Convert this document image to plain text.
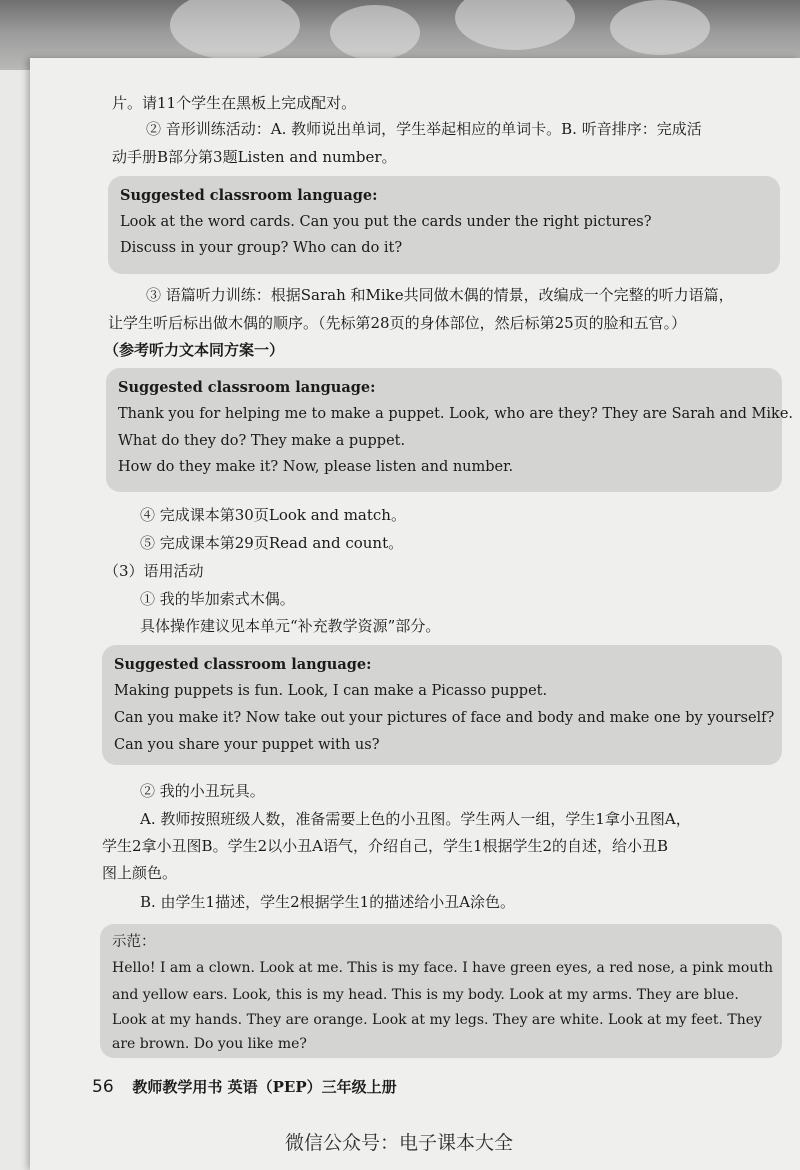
片。请11个学生在黑板上完成配对。
② 音形训练活动：A. 教师说出单词，学生举起相应的单词卡。B. 听音排序：完成活
动手册B部分第3题Listen and number。
Suggested classroom language:
Look at the word cards. Can you put the cards under the right pictures?
Discuss in your group? Who can do it?
③ 语篇听力训练：根据Sarah 和Mike共同做木偶的情景，改编成一个完整的听力语篇，
让学生听后标出做木偶的顺序。（先标第28页的身体部位，然后标第25页的脸和五官。）
（参考听力文本同方案一）
Suggested classroom language:
Thank you for helping me to make a puppet. Look, who are they? They are Sarah and Mike.
What do they do? They make a puppet.
How do they make it? Now, please listen and number.
④ 完成课本第30页Look and match。
⑤ 完成课本第29页Read and count。
（3）语用活动
① 我的毕加索式木偶。
具体操作建议见本单元“补充教学资源”部分。
Suggested classroom language:
Making puppets is fun. Look, I can make a Picasso puppet.
Can you make it? Now take out your pictures of face and body and make one by yourself?
Can you share your puppet with us?
② 我的小丑玩具。
A. 教师按照班级人数，准备需要上色的小丑图。学生两人一组，学生1拿小丑图A，
学生2拿小丑图B。学生2以小丑A语气，介绍自己，学生1根据学生2的自述，给小丑B
图上颜色。
B. 由学生1描述，学生2根据学生1的描述给小丑A涂色。
示范：
Hello! I am a clown. Look at me. This is my face. I have green eyes, a red nose, a pink mouth
and yellow ears. Look, this is my head. This is my body. Look at my arms. They are blue.
Look at my hands. They are orange. Look at my legs. They are white. Look at my feet. They
are brown. Do you like me?
56 教师教学用书 英语（PEP）三年级上册
微信公众号：电子课本大全
